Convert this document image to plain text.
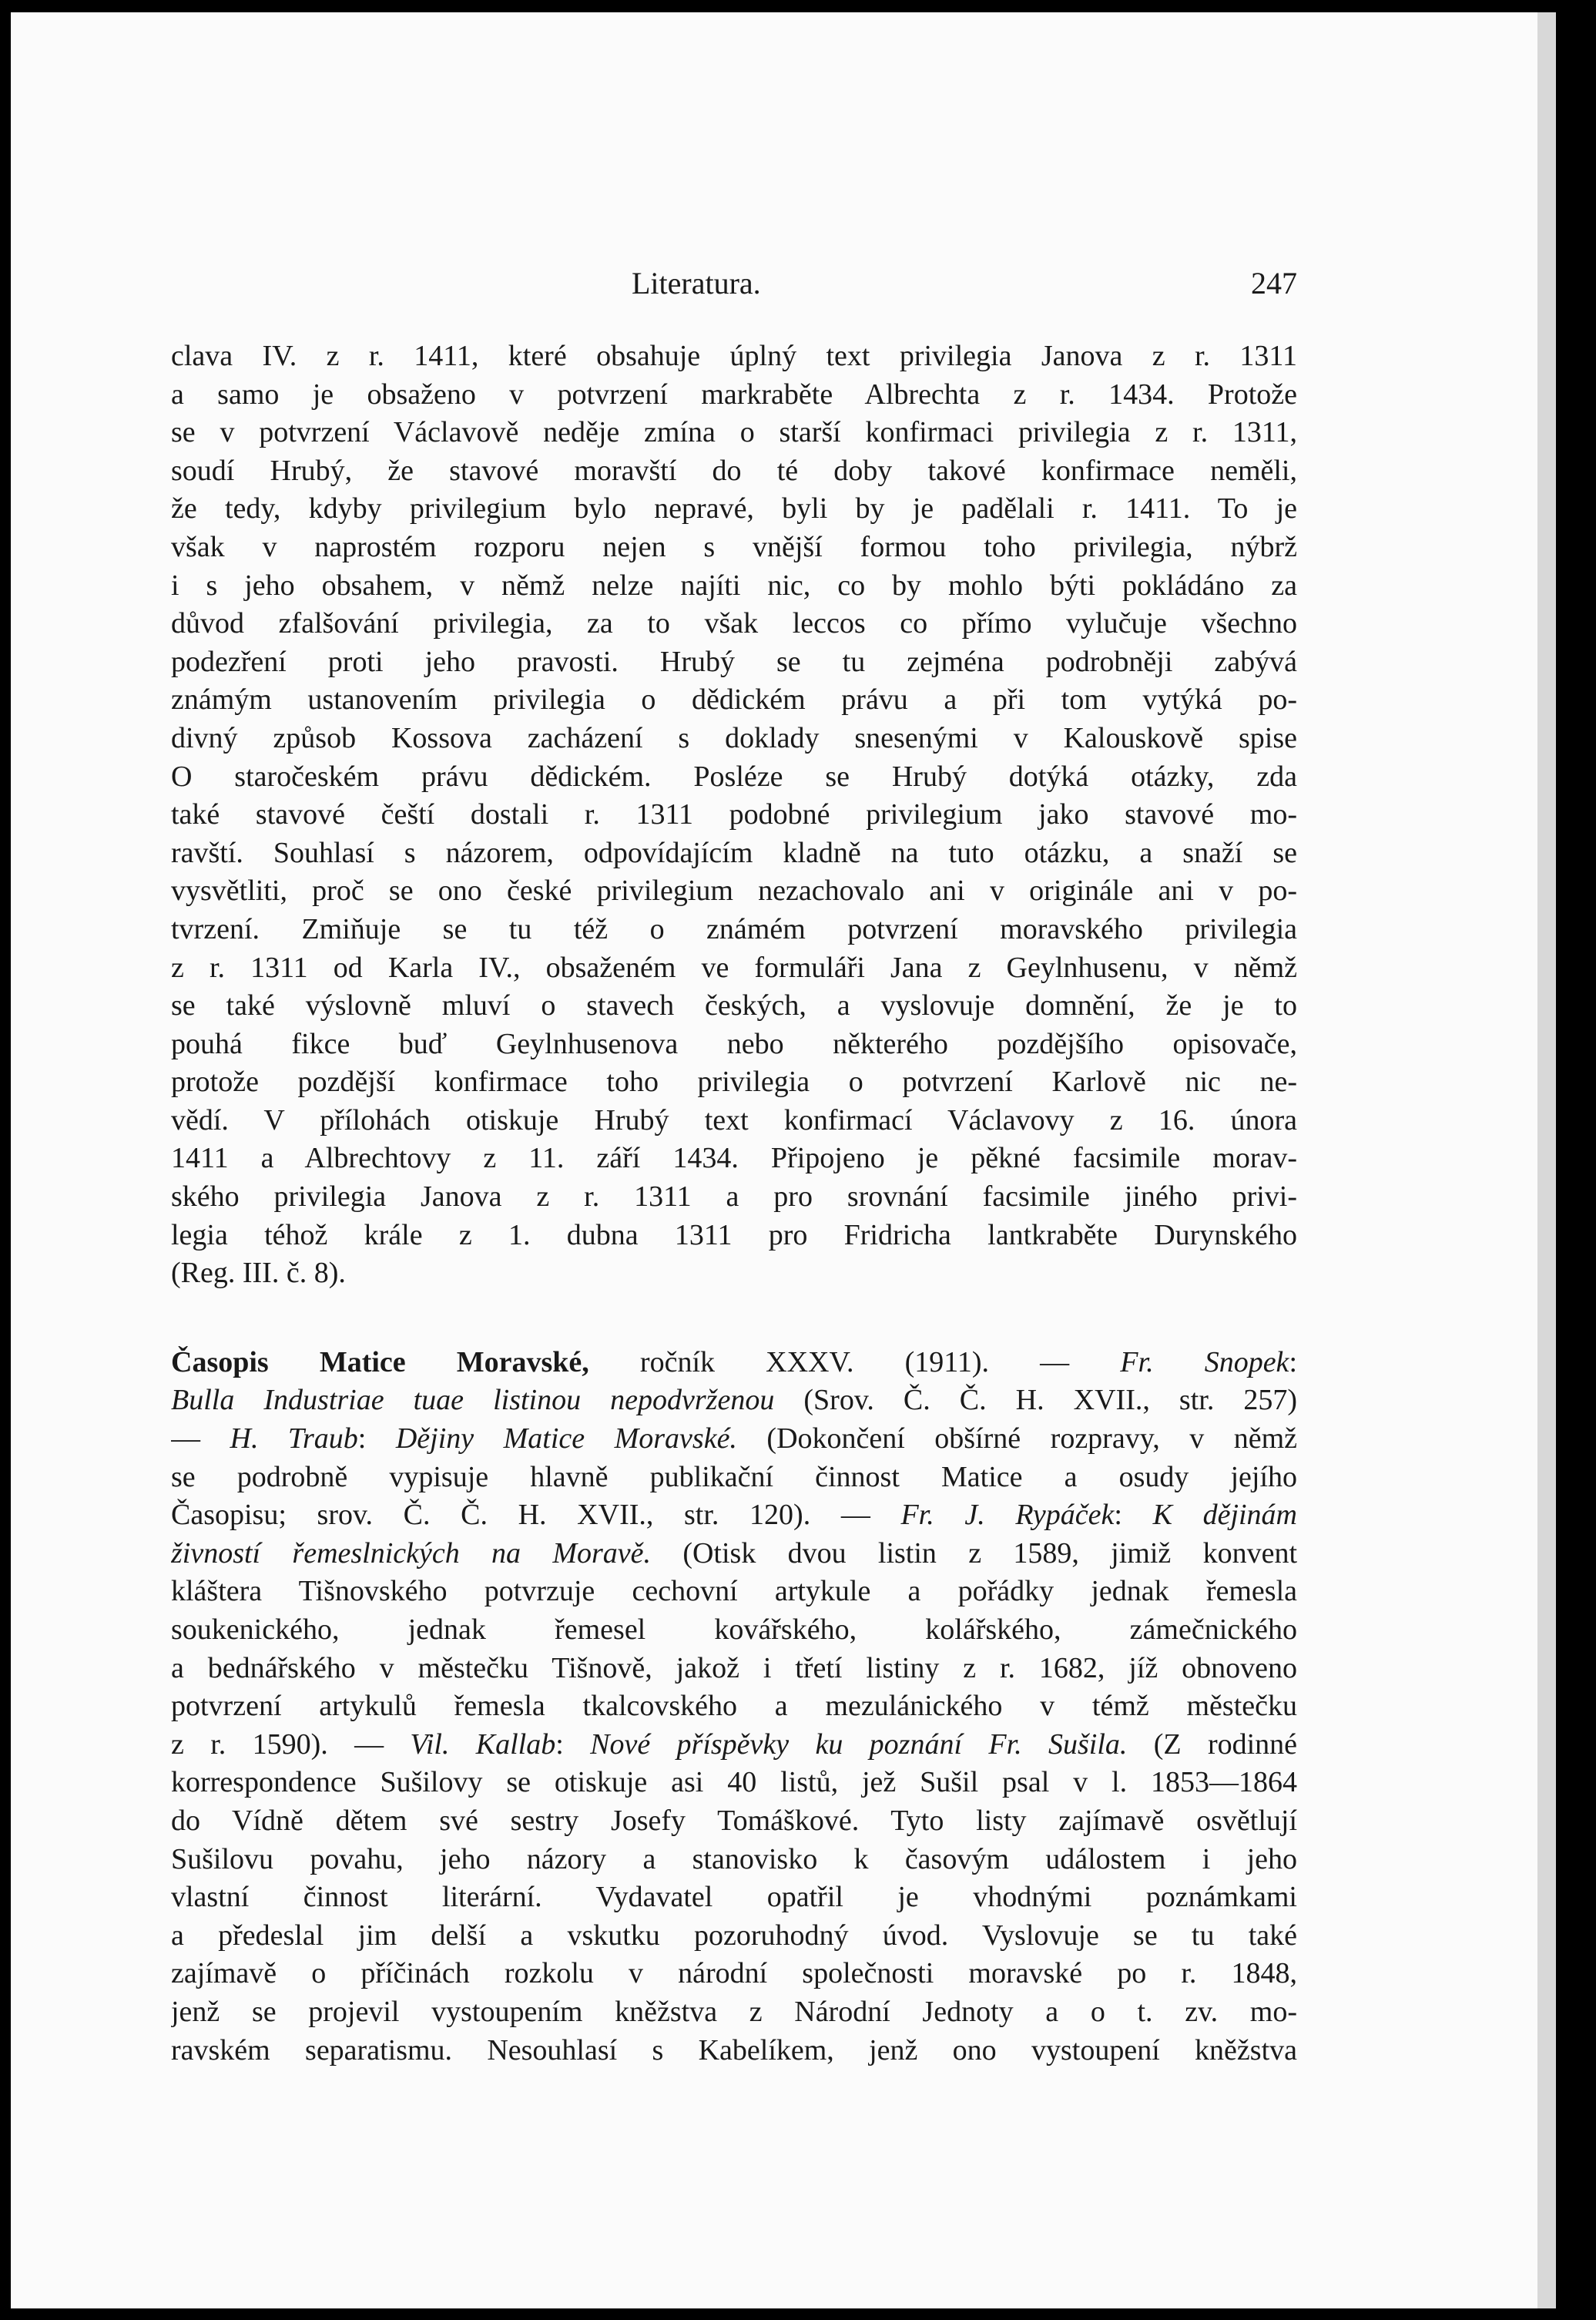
Literatura.	247
clava IV. z r. 1411, které obsahuje úplný text privilegia Janova z r. 1311
a samo je obsaženo v potvrzení markraběte Albrechta z r. 1434. Protože
se v potvrzení Václavově neděje zmína o starší konfirmaci privilegia z r. 1311,
soudí Hrubý, že stavové moravští do té doby takové konfirmace neměli,
že tedy, kdyby privilegium bylo nepravé, byli by je padělali r. 1411. To je
však v naprostém rozporu nejen s vnější formou toho privilegia, nýbrž
i s jeho obsahem, v němž nelze najíti nic, co by mohlo býti pokládáno za
důvod zfalšování privilegia, za to však leccos co přímo vylučuje všechno
podezření proti jeho pravosti. Hrubý se tu zejména podrobněji zabývá
známým ustanovením privilegia o dědickém právu a při tom vytýká po-
divný způsob Kossova zacházení s doklady snesenými v Kalouskově spise
O staročeském právu dědickém. Posléze se Hrubý dotýká otázky, zda
také stavové čeští dostali r. 1311 podobné privilegium jako stavové mo-
ravští. Souhlasí s názorem, odpovídajícím kladně na tuto otázku, a snaží se
vysvětliti, proč se ono české privilegium nezachovalo ani v originále ani v po-
tvrzení. Zmiňuje se tu též o známém potvrzení moravského privilegia
z r. 1311 od Karla IV., obsaženém ve formuláři Jana z Geylnhusenu, v němž
se také výslovně mluví o stavech českých, a vyslovuje domnění, že je to
pouhá fikce buď Geylnhusenova nebo některého pozdějšího opisovače,
protože pozdější konfirmace toho privilegia o potvrzení Karlově nic ne-
vědí. V přílohách otiskuje Hrubý text konfirmací Václavovy z 16. února
1411 a Albrechtovy z 11. září 1434. Připojeno je pěkné facsimile morav-
ského privilegia Janova z r. 1311 a pro srovnání facsimile jiného privi-
legia téhož krále z 1. dubna 1311 pro Fridricha lantkraběte Durynského
(Reg. III. č. 8).
Časopis Matice Moravské, ročník XXXV. (1911). — Fr. Snopek:
Bulla Industriae tuae listinou nepodvrženou (Srov. Č. Č. H. XVII., str. 257)
— H. Traub: Dějiny Matice Moravské. (Dokončení obšírné rozpravy, v němž
se podrobně vypisuje hlavně publikační činnost Matice a osudy jejího
Časopisu; srov. Č. Č. H. XVII., str. 120). — Fr. J. Rypáček: K dějinám
živností řemeslnických na Moravě. (Otisk dvou listin z 1589, jimiž konvent
kláštera Tišnovského potvrzuje cechovní artykule a pořádky jednak řemesla
soukenického, jednak řemesel kovářského, kolářského, zámečnického
a bednářského v městečku Tišnově, jakož i třetí listiny z r. 1682, jíž obnoveno
potvrzení artykulů řemesla tkalcovského a mezulánického v témž městečku
z r. 1590). — Vil. Kallab: Nové příspěvky ku poznání Fr. Sušila. (Z rodinné
korrespondence Sušilovy se otiskuje asi 40 listů, jež Sušil psal v l. 1853—1864
do Vídně dětem své sestry Josefy Tomáškové. Tyto listy zajímavě osvětlují
Sušilovu povahu, jeho názory a stanovisko k časovým událostem i jeho
vlastní činnost literární. Vydavatel opatřil je vhodnými poznámkami
a předeslal jim delší a vskutku pozoruhodný úvod. Vyslovuje se tu také
zajímavě o příčinách rozkolu v národní společnosti moravské po r. 1848,
jenž se projevil vystoupením kněžstva z Národní Jednoty a o t. zv. mo-
ravském separatismu. Nesouhlasí s Kabelíkem, jenž ono vystoupení kněžstva
